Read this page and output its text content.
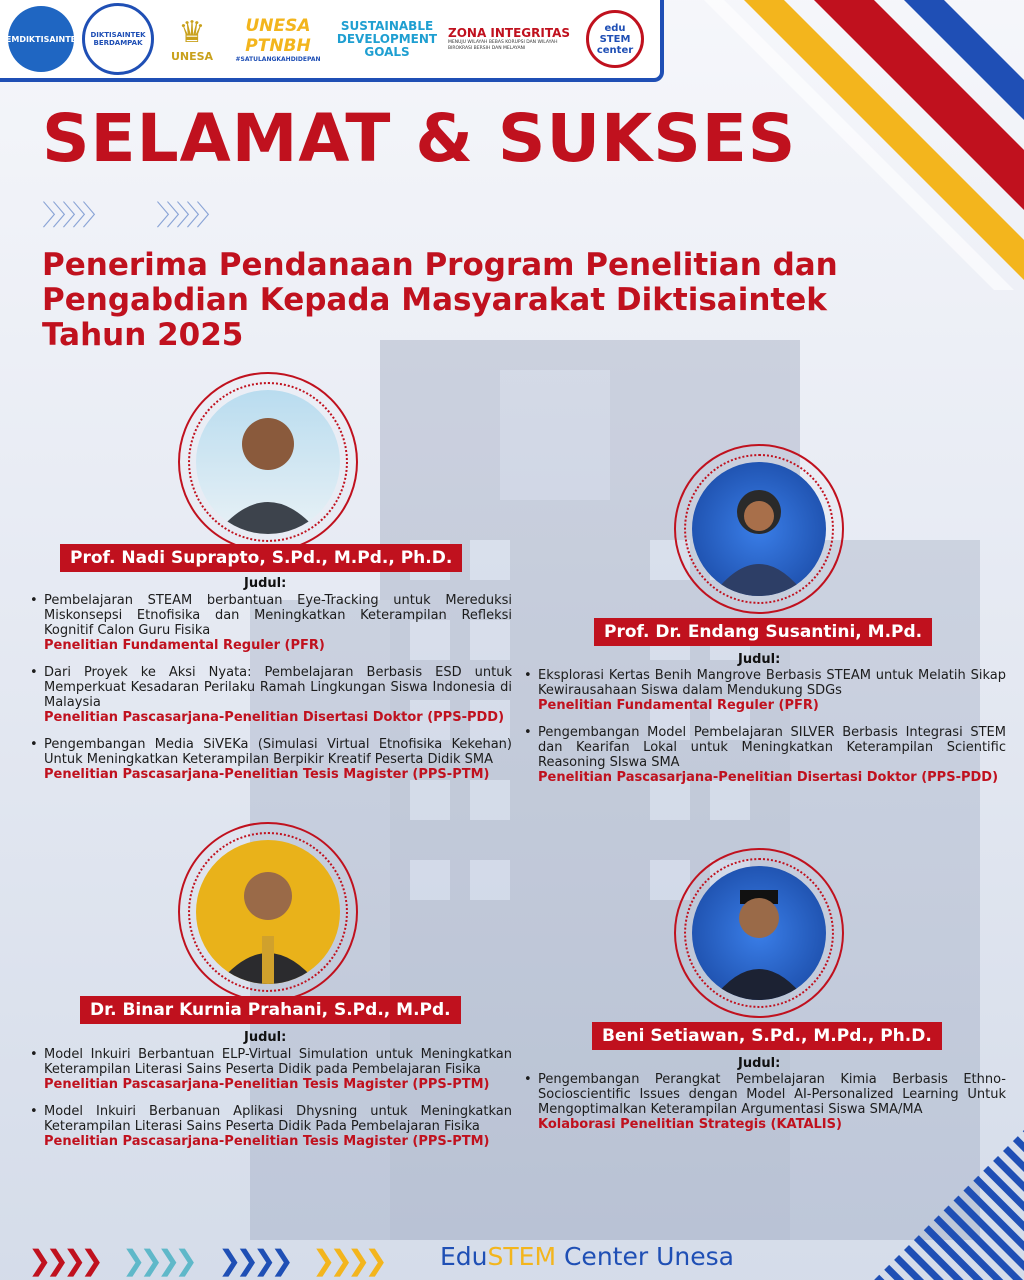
KEMDIKTISAINTEK	DIKTISAINTEK BERDAMPAK ♛
UNESA
UNESA PTNBH
#SATULANGKAHDIDEPAN
SUSTAINABLE DEVELOPMENT GOALS
ZONA INTEGRITAS
MENUJU WILAYAH BEBAS KORUPSI DAN WILAYAH BIROKRASI BERSIH DAN MELAYANI
edu STEM center
SELAMAT & SUKSES
〉〉〉〉〉 〉〉〉〉〉

Penerima Pendanaan Program Penelitian dan Pengabdian Kepada Masyarakat Diktisaintek Tahun 2025

Prof. Nadi Suprapto, S.Pd., M.Pd., Ph.D.
Judul:
• Pembelajaran STEAM berbantuan Eye-Tracking untuk Mereduksi Miskonsepsi Etnofisika dan Meningkatkan Keterampilan Refleksi Kognitif Calon Guru Fisika
Penelitian Fundamental Reguler (PFR)
• Dari Proyek ke Aksi Nyata: Pembelajaran Berbasis ESD untuk Memperkuat Kesadaran Perilaku Ramah Lingkungan Siswa Indonesia di Malaysia
Penelitian Pascasarjana-Penelitian Disertasi Doktor (PPS-PDD)
• Pengembangan Media SiVEKa (Simulasi Virtual Etnofisika Kekehan) Untuk Meningkatkan Keterampilan Berpikir Kreatif Peserta Didik SMA
Penelitian Pascasarjana-Penelitian Tesis Magister (PPS-PTM)
Prof. Dr. Endang Susantini, M.Pd.
Judul:
• Eksplorasi Kertas Benih Mangrove Berbasis STEAM untuk Melatih Sikap Kewirausahaan Siswa dalam Mendukung SDGs
Penelitian Fundamental Reguler (PFR)
• Pengembangan Model Pembelajaran SILVER Berbasis Integrasi STEM dan Kearifan Lokal untuk Meningkatkan Keterampilan Scientific Reasoning SIswa SMA
Penelitian Pascasarjana-Penelitian Disertasi Doktor (PPS-PDD)
Dr. Binar Kurnia Prahani, S.Pd., M.Pd.
Judul:
• Model Inkuiri Berbantuan ELP-Virtual Simulation untuk Meningkatkan Keterampilan Literasi Sains Peserta Didik pada Pembelajaran Fisika
Penelitian Pascasarjana-Penelitian Tesis Magister (PPS-PTM)
• Model Inkuiri Berbanuan Aplikasi Dhysning untuk Meningkatkan Keterampilan Literasi Sains Peserta Didik Pada Pembelajaran Fisika
Penelitian Pascasarjana-Penelitian Tesis Magister (PPS-PTM)
Beni Setiawan, S.Pd., M.Pd., Ph.D.
Judul:
• Pengembangan Perangkat Pembelajaran Kimia Berbasis Ethno-Socioscientific Issues dengan Model AI-Personalized Learning Untuk Mengoptimalkan Keterampilan Argumentasi Siswa SMA/MA
Kolaborasi Penelitian Strategis (KATALIS)
❯❯❯❯ ❯❯❯❯ ❯❯❯❯ ❯❯❯❯ EduSTEM Center Unesa
